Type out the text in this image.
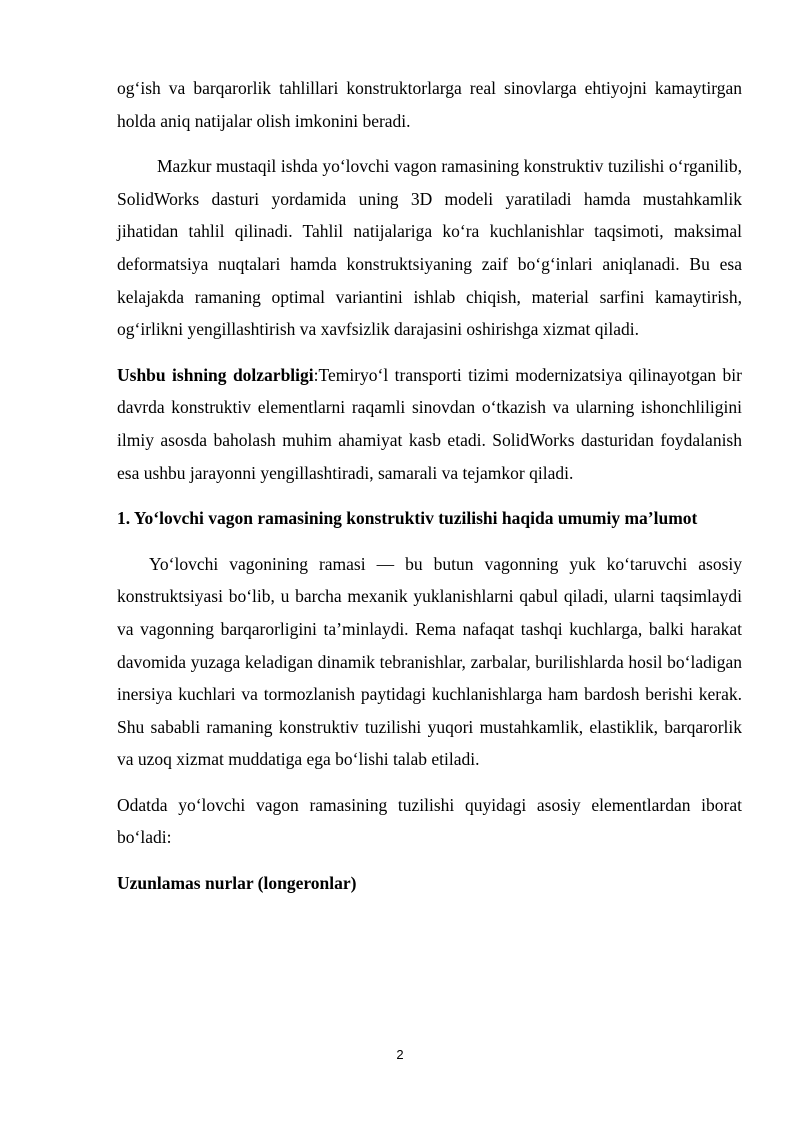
og‘ish va barqarorlik tahlillari konstruktorlarga real sinovlarga ehtiyojni kamaytirgan holda aniq natijalar olish imkonini beradi.

Mazkur mustaqil ishda yo‘lovchi vagon ramasining konstruktiv tuzilishi o‘rganilib, SolidWorks dasturi yordamida uning 3D modeli yaratiladi hamda mustahkamlik jihatidan tahlil qilinadi. Tahlil natijalariga ko‘ra kuchlanishlar taqsimoti, maksimal deformatsiya nuqtalari hamda konstruktsiyaning zaif bo‘g‘inlari aniqlanadi. Bu esa kelajakda ramaning optimal variantini ishlab chiqish, material sarfini kamaytirish, og‘irlikni yengillashtirish va xavfsizlik darajasini oshirishga xizmat qiladi.

Ushbu ishning dolzarbligi:Temiryo‘l transporti tizimi modernizatsiya qilinayotgan bir davrda konstruktiv elementlarni raqamli sinovdan o‘tkazish va ularning ishonchliligini ilmiy asosda baholash muhim ahamiyat kasb etadi. SolidWorks dasturidan foydalanish esa ushbu jarayonni yengillashtiradi, samarali va tejamkor qiladi.

1. Yo‘lovchi vagon ramasining konstruktiv tuzilishi haqida umumiy ma’lumot

Yo‘lovchi vagonining ramasi — bu butun vagonning yuk ko‘taruvchi asosiy konstruktsiyasi bo‘lib, u barcha mexanik yuklanishlarni qabul qiladi, ularni taqsimlaydi va vagonning barqarorligini ta’minlaydi. Rema nafaqat tashqi kuchlarga, balki harakat davomida yuzaga keladigan dinamik tebranishlar, zarbalar, burilishlarda hosil bo‘ladigan inersiya kuchlari va tormozlanish paytidagi kuchlanishlarga ham bardosh berishi kerak. Shu sababli ramaning konstruktiv tuzilishi yuqori mustahkamlik, elastiklik, barqarorlik va uzoq xizmat muddatiga ega bo‘lishi talab etiladi.

Odatda yo‘lovchi vagon ramasining tuzilishi quyidagi asosiy elementlardan iborat bo‘ladi:

Uzunlamas nurlar (longeronlar)

2
